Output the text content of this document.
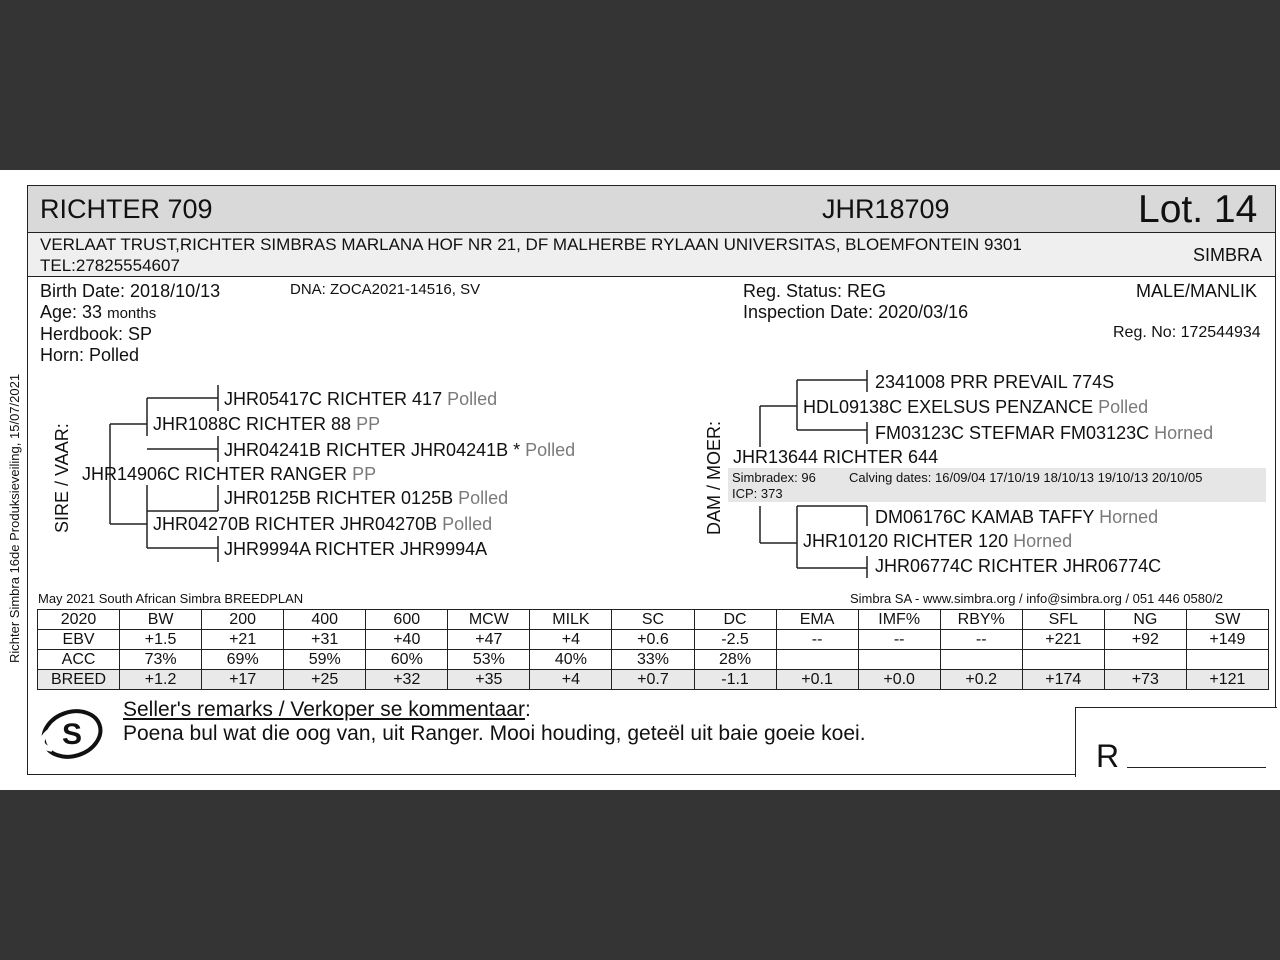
Richter Simbra 16de Produksieveiling, 15/07/2021
RICHTER 709	JHR18709	Lot. 14
VERLAAT TRUST,RICHTER SIMBRAS MARLANA HOF NR 21, DF MALHERBE RYLAAN UNIVERSITAS, BLOEMFONTEIN 9301
TEL:27825554607
SIMBRA
Birth Date: 2018/10/13	DNA: ZOCA2021-14516, SV
Age: 33 months
Herdbook: SP
Horn: Polled
Reg. Status: REG
Inspection Date: 2020/03/16
MALE/MANLIK
Reg. No: 172544934
SIRE / VAAR:
JHR05417C RICHTER 417 Polled
JHR1088C RICHTER 88 PP
JHR04241B RICHTER JHR04241B * Polled
JHR14906C RICHTER RANGER PP
JHR0125B RICHTER 0125B Polled
JHR04270B RICHTER JHR04270B Polled
JHR9994A RICHTER JHR9994A
DAM / MOER:
2341008 PRR PREVAIL 774S
HDL09138C EXELSUS PENZANCE Polled
FM03123C STEFMAR FM03123C Horned
JHR13644 RICHTER 644
Simbradex: 96	Calving dates: 16/09/04 17/10/19 18/10/13 19/10/13 20/10/05
ICP: 373
DM06176C KAMAB TAFFY Horned
JHR10120 RICHTER 120 Horned
JHR06774C RICHTER JHR06774C
May 2021 South African Simbra BREEDPLAN	Simbra SA - www.simbra.org / info@simbra.org / 051 446 0580/2
2020	BW	200	400	600	MCW	MILK	SC	DC	EMA	IMF%	RBY%	SFL	NG	SW
EBV	+1.5	+21	+31	+40	+47	+4	+0.6	-2.5	--	--	--	+221	+92	+149
ACC	73%	69%	59%	60%	53%	40%	33%	28%						
BREED	+1.2	+17	+25	+32	+35	+4	+0.7	-1.1	+0.1	+0.0	+0.2	+174	+73	+121
S
Seller's remarks / Verkoper se kommentaar:
Poena bul wat die oog van, uit Ranger. Mooi houding, geteël uit baie goeie koei.
R
